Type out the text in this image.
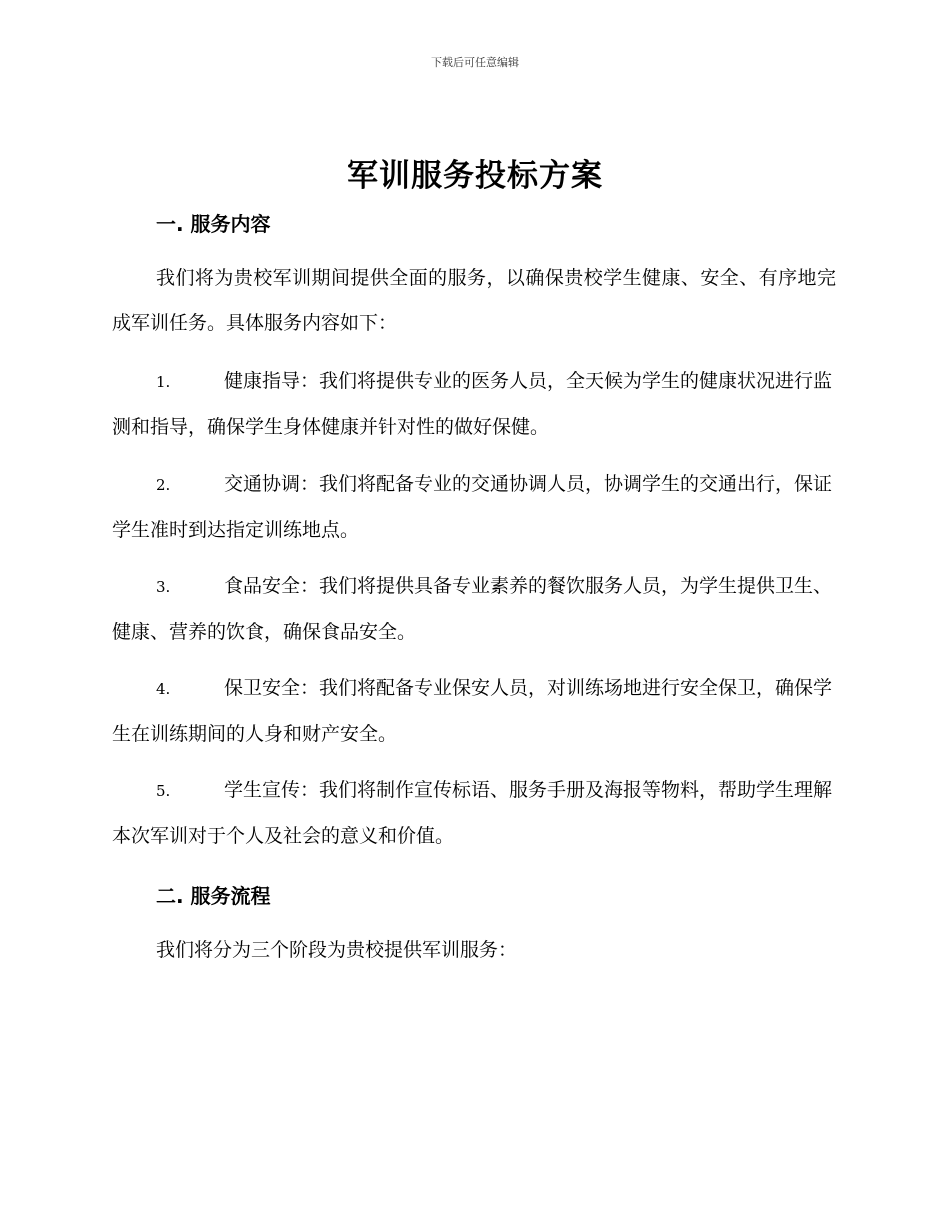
下载后可任意编辑
军训服务投标方案
一. 服务内容

我们将为贵校军训期间提供全面的服务，以确保贵校学生健康、安全、有序地完成军训任务。具体服务内容如下：

1.	健康指导：我们将提供专业的医务人员，全天候为学生的健康状况进行监测和指导，确保学生身体健康并针对性的做好保健。

2.	交通协调：我们将配备专业的交通协调人员，协调学生的交通出行，保证学生准时到达指定训练地点。

3.	食品安全：我们将提供具备专业素养的餐饮服务人员，为学生提供卫生、健康、营养的饮食，确保食品安全。

4.	保卫安全：我们将配备专业保安人员，对训练场地进行安全保卫，确保学生在训练期间的人身和财产安全。

5.	学生宣传：我们将制作宣传标语、服务手册及海报等物料，帮助学生理解本次军训对于个人及社会的意义和价值。

二. 服务流程

我们将分为三个阶段为贵校提供军训服务：
